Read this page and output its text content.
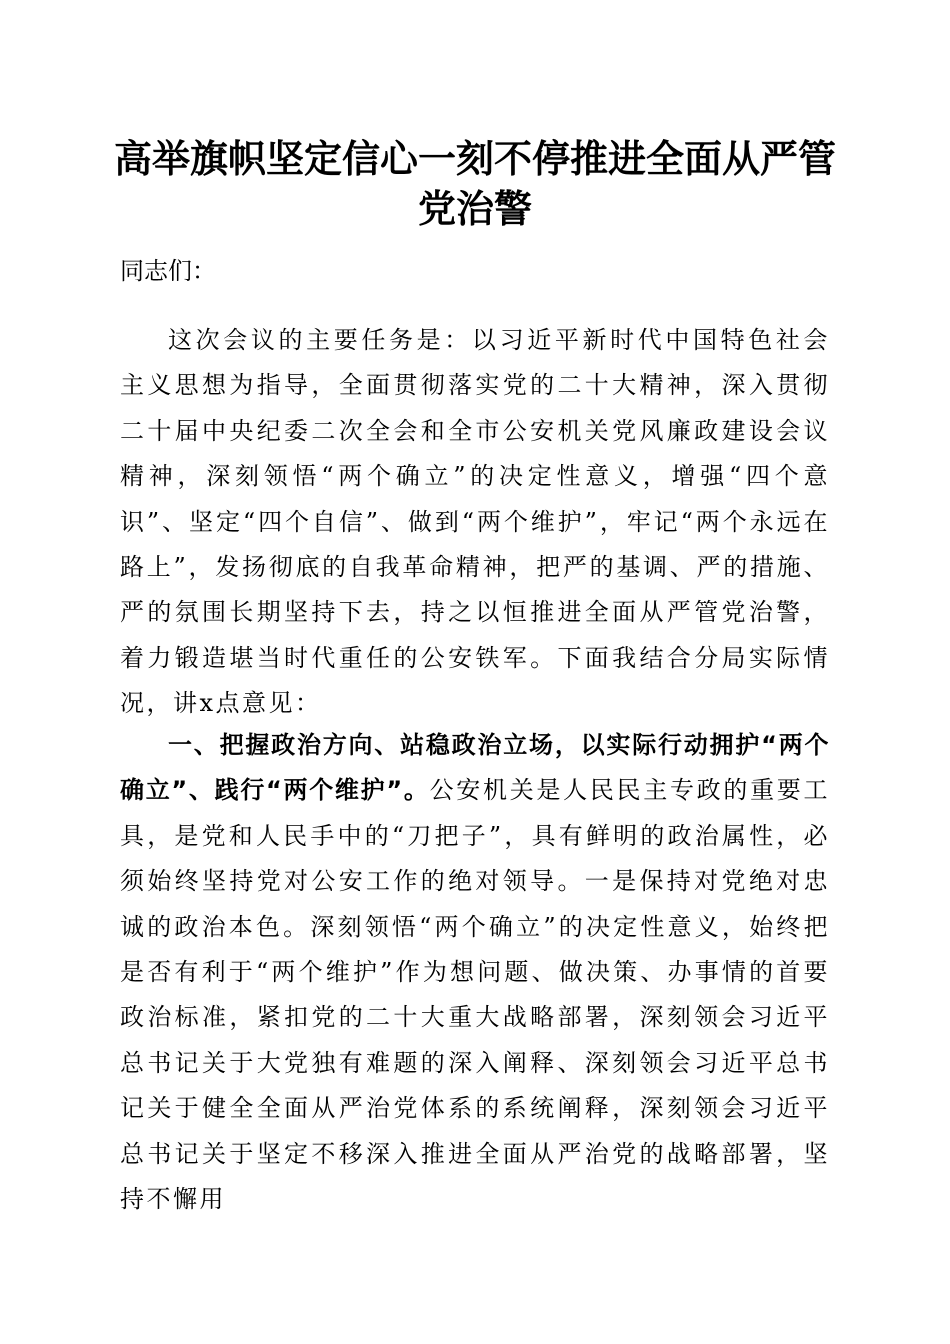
高举旗帜坚定信心一刻不停推进全面从严管党治警

同志们：

这次会议的主要任务是：以习近平新时代中国特色社会主义思想为指导，全面贯彻落实党的二十大精神，深入贯彻二十届中央纪委二次全会和全市公安机关党风廉政建设会议精神，深刻领悟“两个确立”的决定性意义，增强“四个意识”、坚定“四个自信”、做到“两个维护”，牢记“两个永远在路上”，发扬彻底的自我革命精神，把严的基调、严的措施、严的氛围长期坚持下去，持之以恒推进全面从严管党治警，着力锻造堪当时代重任的公安铁军。下面我结合分局实际情况，讲x点意见：

一、把握政治方向、站稳政治立场，以实际行动拥护“两个确立”、践行“两个维护”。公安机关是人民民主专政的重要工具，是党和人民手中的“刀把子”，具有鲜明的政治属性，必须始终坚持党对公安工作的绝对领导。一是保持对党绝对忠诚的政治本色。深刻领悟“两个确立”的决定性意义，始终把是否有利于“两个维护”作为想问题、做决策、办事情的首要政治标准，紧扣党的二十大重大战略部署，深刻领会习近平总书记关于大党独有难题的深入阐释、深刻领会习近平总书记关于健全全面从严治党体系的系统阐释，深刻领会习近平总书记关于坚定不移深入推进全面从严治党的战略部署，坚持不懈用
